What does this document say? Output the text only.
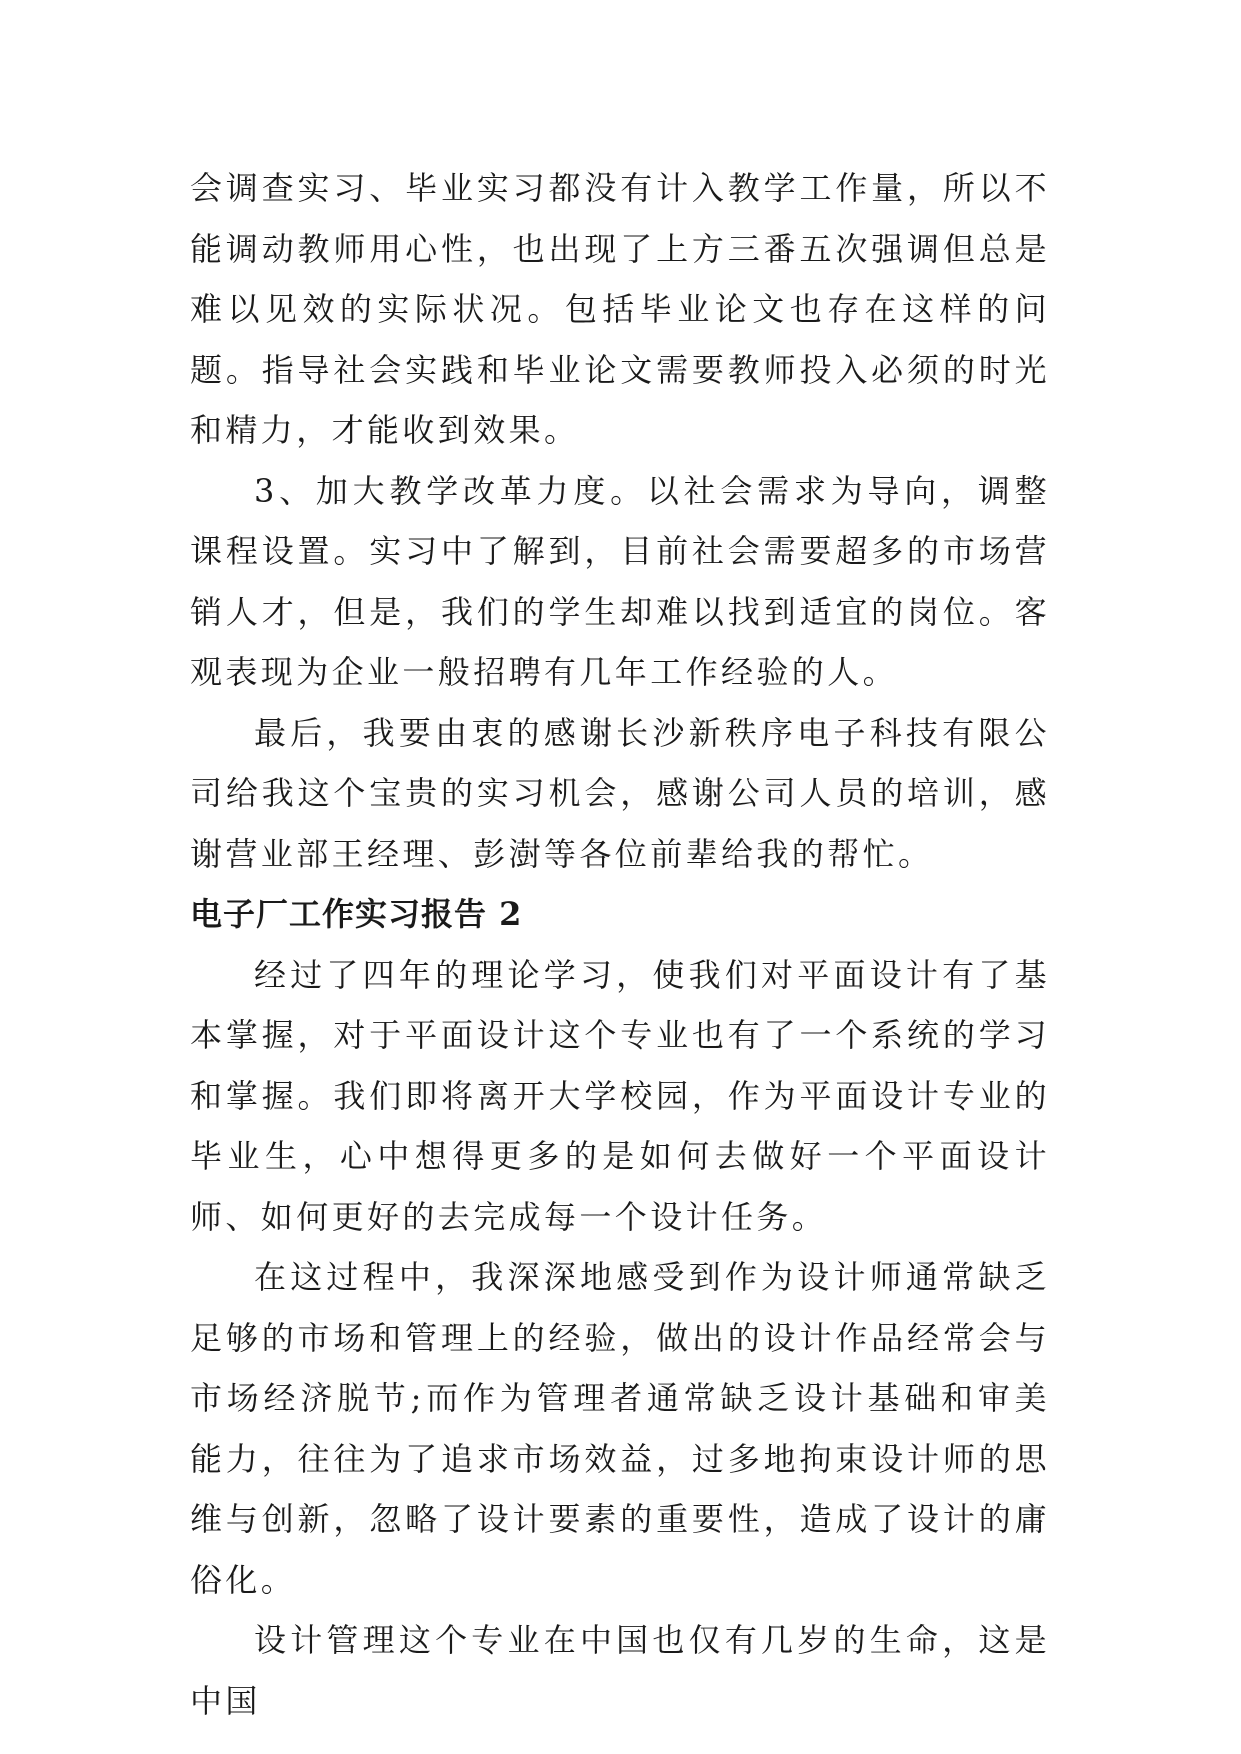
会调查实习、毕业实习都没有计入教学工作量，所以不能调动教师用心性，也出现了上方三番五次强调但总是难以见效的实际状况。包括毕业论文也存在这样的问题。指导社会实践和毕业论文需要教师投入必须的时光和精力，才能收到效果。

3、加大教学改革力度。以社会需求为导向，调整课程设置。实习中了解到，目前社会需要超多的市场营销人才，但是，我们的学生却难以找到适宜的岗位。客观表现为企业一般招聘有几年工作经验的人。

最后，我要由衷的感谢长沙新秩序电子科技有限公司给我这个宝贵的实习机会，感谢公司人员的培训，感谢营业部王经理、彭澍等各位前辈给我的帮忙。

电子厂工作实习报告 2

经过了四年的理论学习，使我们对平面设计有了基本掌握，对于平面设计这个专业也有了一个系统的学习和掌握。我们即将离开大学校园，作为平面设计专业的毕业生，心中想得更多的是如何去做好一个平面设计师、如何更好的去完成每一个设计任务。

在这过程中，我深深地感受到作为设计师通常缺乏足够的市场和管理上的经验，做出的设计作品经常会与市场经济脱节;而作为管理者通常缺乏设计基础和审美能力，往往为了追求市场效益，过多地拘束设计师的思维与创新，忽略了设计要素的重要性，造成了设计的庸俗化。

设计管理这个专业在中国也仅有几岁的生命，这是中国
